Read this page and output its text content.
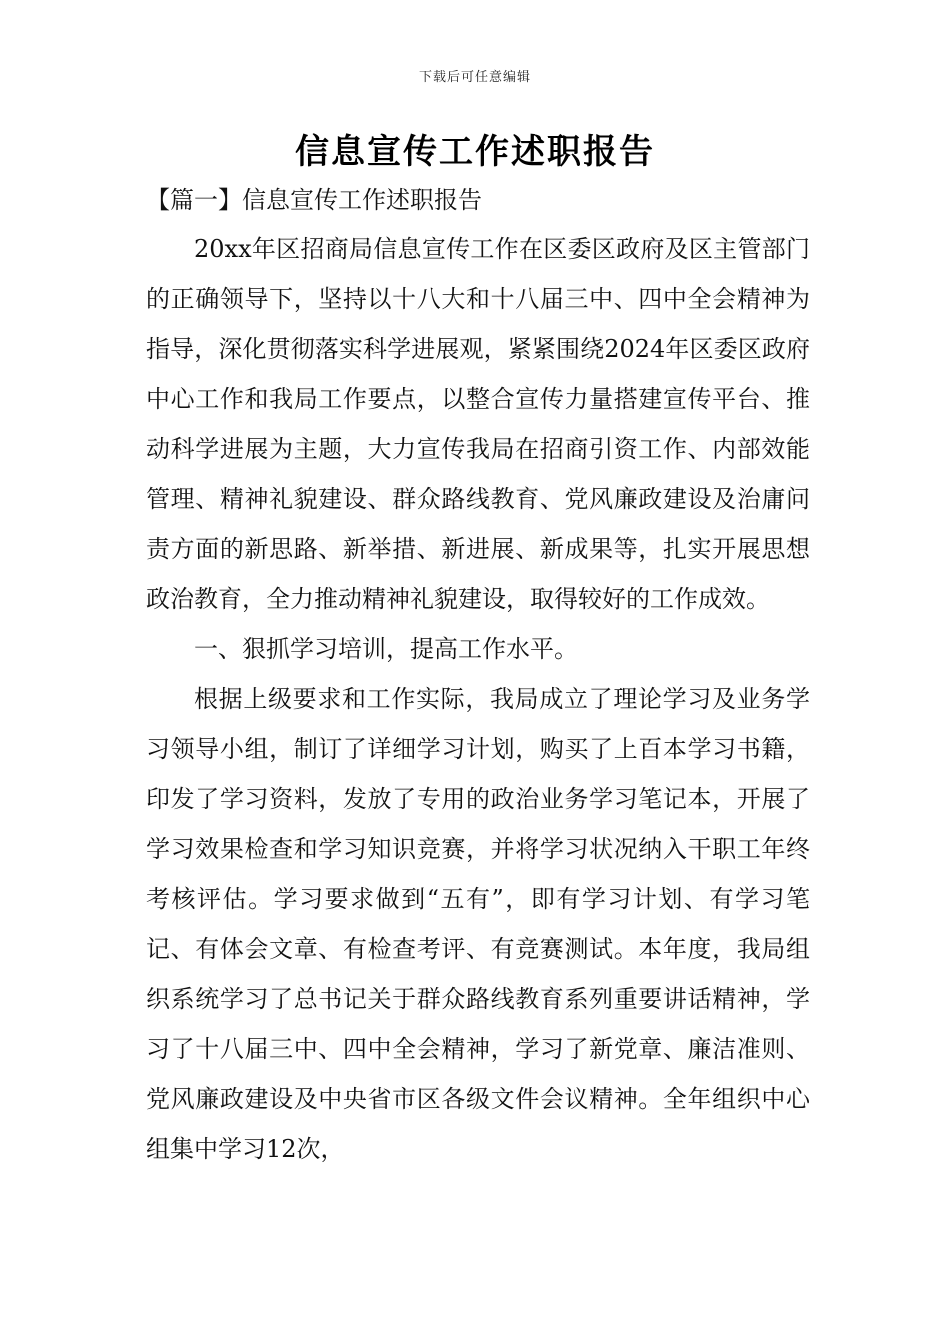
下载后可任意编辑
信息宣传工作述职报告
【篇一】信息宣传工作述职报告

20xx年区招商局信息宣传工作在区委区政府及区主管部门的正确领导下，坚持以十八大和十八届三中、四中全会精神为指导，深化贯彻落实科学进展观，紧紧围绕2024年区委区政府中心工作和我局工作要点，以整合宣传力量搭建宣传平台、推动科学进展为主题，大力宣传我局在招商引资工作、内部效能管理、精神礼貌建设、群众路线教育、党风廉政建设及治庸问责方面的新思路、新举措、新进展、新成果等，扎实开展思想政治教育，全力推动精神礼貌建设，取得较好的工作成效。

一、狠抓学习培训，提高工作水平。

根据上级要求和工作实际，我局成立了理论学习及业务学习领导小组，制订了详细学习计划，购买了上百本学习书籍，印发了学习资料，发放了专用的政治业务学习笔记本，开展了学习效果检查和学习知识竞赛，并将学习状况纳入干职工年终考核评估。学习要求做到“五有”，即有学习计划、有学习笔记、有体会文章、有检查考评、有竞赛测试。本年度，我局组织系统学习了总书记关于群众路线教育系列重要讲话精神，学习了十八届三中、四中全会精神，学习了新党章、廉洁准则、党风廉政建设及中央省市区各级文件会议精神。全年组织中心组集中学习12次，
